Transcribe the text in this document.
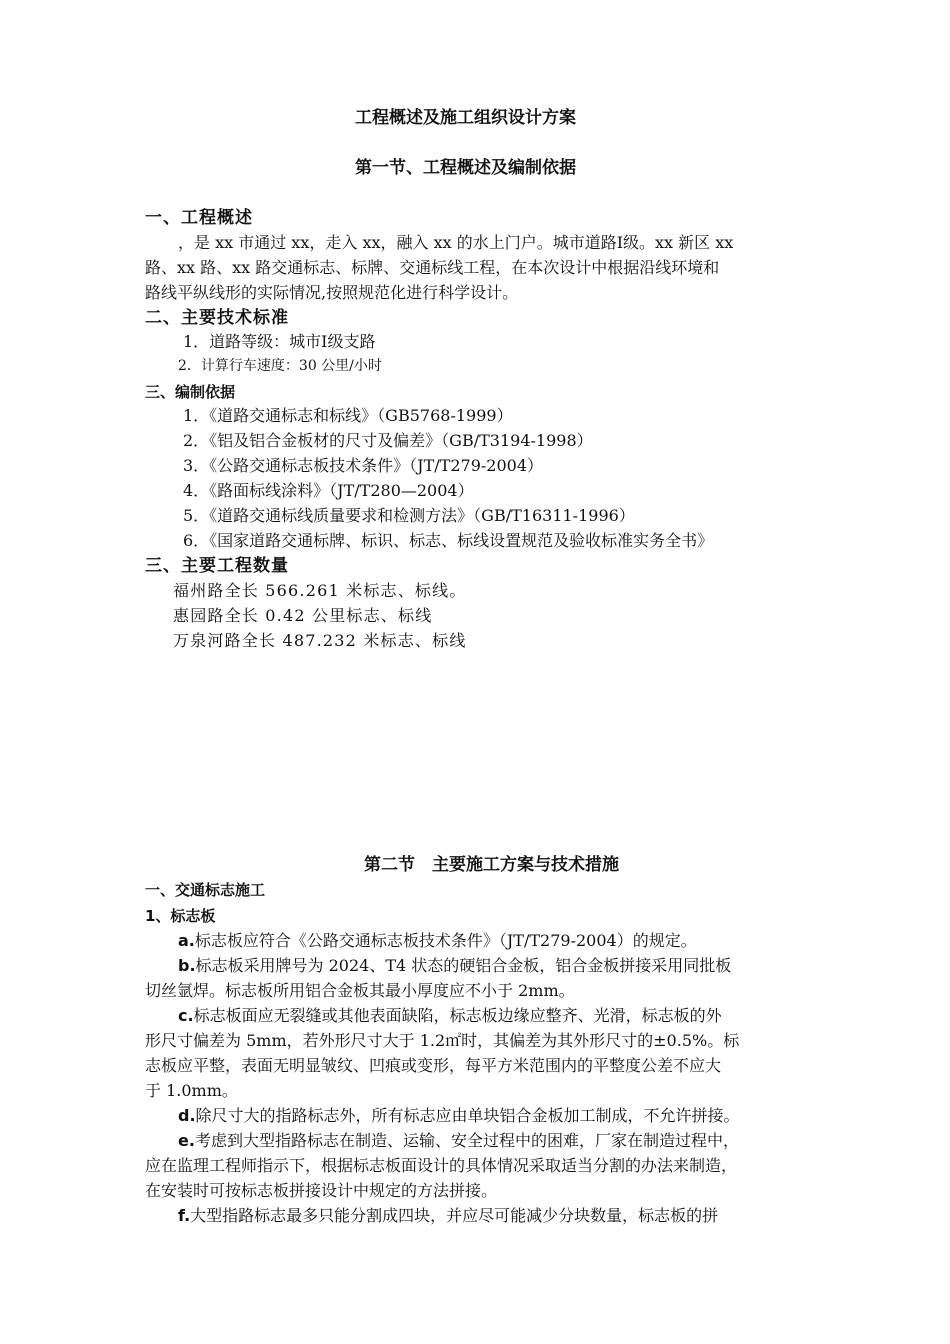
工程概述及施工组织设计方案
第一节、工程概述及编制依据
一、工程概述
，是 xx 市通过 xx，走入 xx，融入 xx 的水上门户。城市道路Ⅰ级。xx 新区 xx
路、xx 路、xx 路交通标志、标牌、交通标线工程，在本次设计中根据沿线环境和
路线平纵线形的实际情况,按照规范化进行科学设计。
二、主要技术标准
1．道路等级：城市Ⅰ级支路
2．计算行车速度：30 公里/小时
三、编制依据
1．《道路交通标志和标线》（GB5768-1999）
2．《铝及铝合金板材的尺寸及偏差》（GB/T3194-1998）
3．《公路交通标志板技术条件》（JT/T279-2004）
4．《路面标线涂料》（JT/T280—2004）
5．《道路交通标线质量要求和检测方法》（GB/T16311-1996）
6．《国家道路交通标牌、标识、标志、标线设置规范及验收标准实务全书》
三、主要工程数量
福州路全长 566.261 米标志、标线。
惠园路全长 0.42 公里标志、标线
万泉河路全长 487.232 米标志、标线
第二节　主要施工方案与技术措施
一、交通标志施工
1、标志板
a.标志板应符合《公路交通标志板技术条件》（JT/T279-2004）的规定。
b.标志板采用牌号为 2024、T4 状态的硬铝合金板，铝合金板拼接采用同批板
切丝氩焊。标志板所用铝合金板其最小厚度应不小于 2mm。
c.标志板面应无裂缝或其他表面缺陷，标志板边缘应整齐、光滑，标志板的外
形尺寸偏差为 5mm，若外形尺寸大于 1.2㎡时，其偏差为其外形尺寸的±0.5%。标
志板应平整，表面无明显皱纹、凹痕或变形，每平方米范围内的平整度公差不应大
于 1.0mm。
d.除尺寸大的指路标志外，所有标志应由单块铝合金板加工制成，不允许拼接。
e.考虑到大型指路标志在制造、运输、安全过程中的困难，厂家在制造过程中，
应在监理工程师指示下，根据标志板面设计的具体情况采取适当分割的办法来制造，
在安装时可按标志板拼接设计中规定的方法拼接。
f.大型指路标志最多只能分割成四块，并应尽可能减少分块数量，标志板的拼
